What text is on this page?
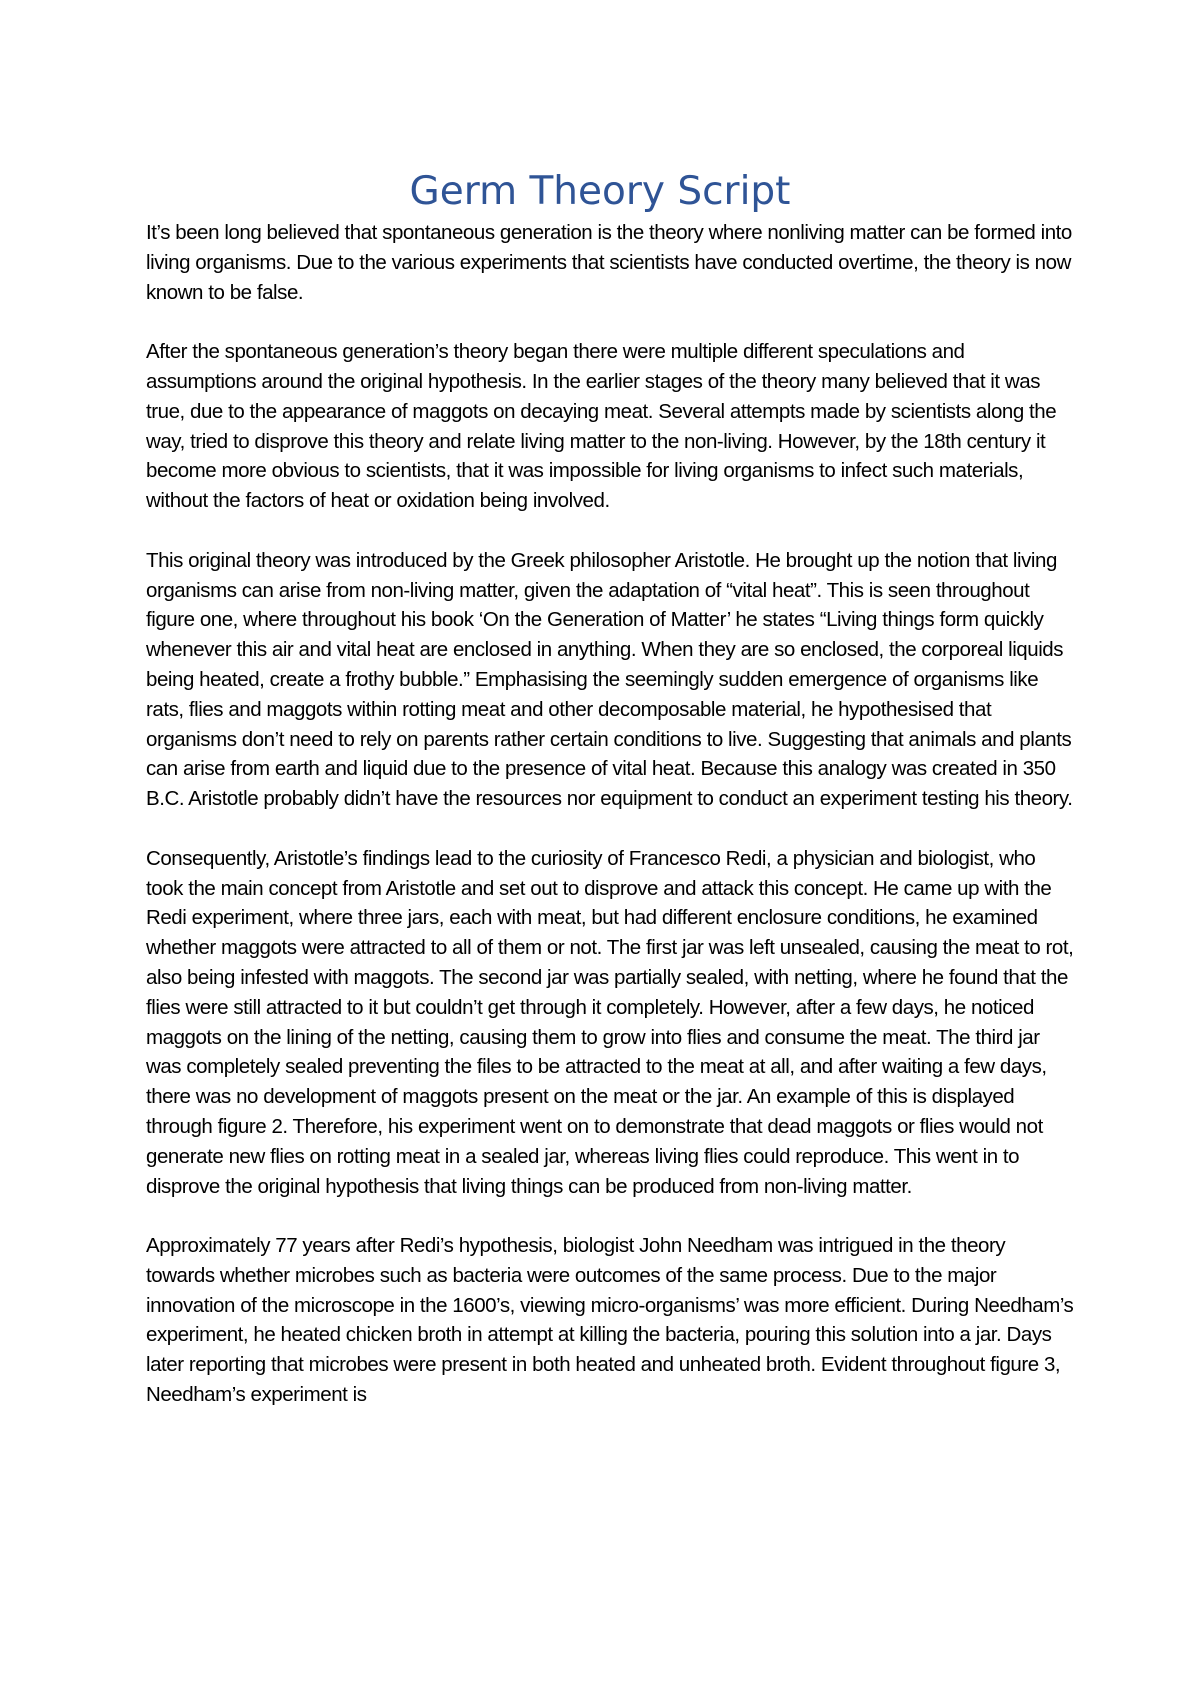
Germ Theory Script

It’s been long believed that spontaneous generation is the theory where nonliving matter can be formed into living organisms. Due to the various experiments that scientists have conducted overtime, the theory is now known to be false.

After the spontaneous generation’s theory began there were multiple different speculations and assumptions around the original hypothesis. In the earlier stages of the theory many believed that it was true, due to the appearance of maggots on decaying meat. Several attempts made by scientists along the way, tried to disprove this theory and relate living matter to the non-living. However, by the 18th century it become more obvious to scientists, that it was impossible for living organisms to infect such materials, without the factors of heat or oxidation being involved.

This original theory was introduced by the Greek philosopher Aristotle. He brought up the notion that living organisms can arise from non-living matter, given the adaptation of “vital heat”. This is seen throughout figure one, where throughout his book ‘On the Generation of Matter’ he states “Living things form quickly whenever this air and vital heat are enclosed in anything. When they are so enclosed, the corporeal liquids being heated, create a frothy bubble.” Emphasising the seemingly sudden emergence of organisms like rats, flies and maggots within rotting meat and other decomposable material, he hypothesised that organisms don’t need to rely on parents rather certain conditions to live. Suggesting that animals and plants can arise from earth and liquid due to the presence of vital heat. Because this analogy was created in 350 B.C. Aristotle probably didn’t have the resources nor equipment to conduct an experiment testing his theory.

Consequently, Aristotle’s findings lead to the curiosity of Francesco Redi, a physician and biologist, who took the main concept from Aristotle and set out to disprove and attack this concept. He came up with the Redi experiment, where three jars, each with meat, but had different enclosure conditions, he examined whether maggots were attracted to all of them or not. The first jar was left unsealed, causing the meat to rot, also being infested with maggots. The second jar was partially sealed, with netting, where he found that the flies were still attracted to it but couldn’t get through it completely. However, after a few days, he noticed maggots on the lining of the netting, causing them to grow into flies and consume the meat. The third jar was completely sealed preventing the files to be attracted to the meat at all, and after waiting a few days, there was no development of maggots present on the meat or the jar. An example of this is displayed through figure 2. Therefore, his experiment went on to demonstrate that dead maggots or flies would not generate new flies on rotting meat in a sealed jar, whereas living flies could reproduce. This went in to disprove the original hypothesis that living things can be produced from non-living matter.

Approximately 77 years after Redi’s hypothesis, biologist John Needham was intrigued in the theory towards whether microbes such as bacteria were outcomes of the same process. Due to the major innovation of the microscope in the 1600’s, viewing micro-organisms’ was more efficient. During Needham’s experiment, he heated chicken broth in attempt at killing the bacteria, pouring this solution into a jar. Days later reporting that microbes were present in both heated and unheated broth. Evident throughout figure 3, Needham’s experiment is
